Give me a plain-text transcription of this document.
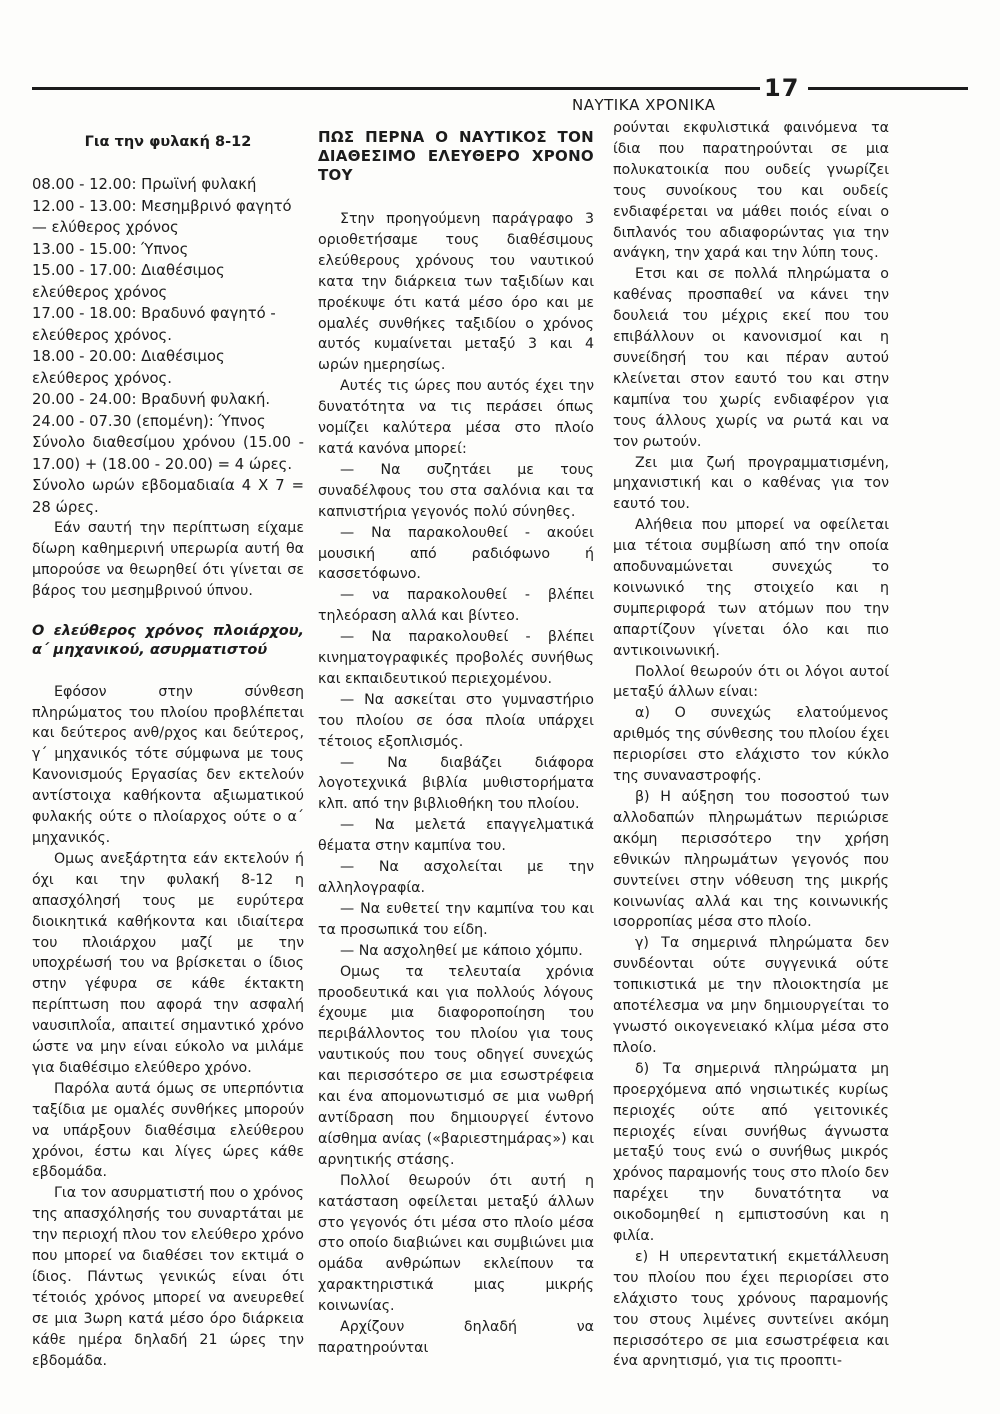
17
ΝΑΥΤΙΚΑ ΧΡΟΝΙΚΑ
Για την φυλακή 8-12

08.00 - 12.00: Πρωϊνή φυλακή

12.00 - 13.00: Μεσημβρινό φαγητό — ελύθερος χρόνος

13.00 - 15.00: Ύπνος

15.00 - 17.00: Διαθέσιμος ελεύθερος χρόνος

17.00 - 18.00: Βραδυνό φαγητό - ελεύθερος χρόνος.

18.00 - 20.00: Διαθέσιμος ελεύθερος χρόνος.

20.00 - 24.00: Βραδυνή φυλακή.

24.00 - 07.30 (επομένη): Ύπνος

Σύνολο διαθεσίμου χρόνου (15.00 - 17.00) + (18.00 - 20.00) = 4 ώρες.

Σύνολο ωρών εβδομαδιαία 4 X 7 = 28 ώρες.

Εάν σαυτή την περίπτωση είχαμε δίωρη καθημερινή υπερωρία αυτή θα μπορούσε να θεωρηθεί ότι γίνεται σε βάρος του μεσημβρινού ύπνου.

Ο ελεύθερος χρόνος πλοιάρχου, α΄ μηχανικού, ασυρματιστού

Εφόσον στην σύνθεση πληρώματος του πλοίου προβλέπεται και δεύτερος ανθ/ρχος και δεύτερος, γ΄ μηχανικός τότε σύμφωνα με τους Κανονισμούς Εργασίας δεν εκτελούν αντίστοιχα καθήκοντα αξιωματικού φυλακής ούτε ο πλοίαρχος ούτε ο α΄ μηχανικός.

Ομως ανεξάρτητα εάν εκτελούν ή όχι και την φυλακή 8-12 η απασχόλησή τους με ευρύτερα διοικητικά καθήκοντα και ιδιαίτερα του πλοιάρχου μαζί με την υποχρέωσή του να βρίσκεται ο ίδιος στην γέφυρα σε κάθε έκτακτη περίπτωση που αφορά την ασφαλή ναυσιπλοΐα, απαιτεί σημαντικό χρόνο ώστε να μην είναι εύκολο να μιλάμε για διαθέσιμο ελεύθερο χρόνο.

Παρόλα αυτά όμως σε υπερπόντια ταξίδια με ομαλές συνθήκες μπορούν να υπάρξουν διαθέσιμα ελεύθερου χρόνοι, έστω και λίγες ώρες κάθε εβδομάδα.

Για τον ασυρματιστή που ο χρόνος της απασχόλησής του συναρτάται με την περιοχή πλου τον ελεύθερο χρόνο που μπορεί να διαθέσει τον εκτιμά ο ίδιος. Πάντως γενικώς είναι ότι τέτοιός χρόνος μπορεί να ανευρεθεί σε μια 3ωρη κατά μέσο όρο διάρκεια κάθε ημέρα δηλαδή 21 ώρες την εβδομάδα.

ΠΩΣ ΠΕΡΝΑ Ο ΝΑΥΤΙΚΟΣ ΤΟΝ ΔΙΑΘΕΣΙΜΟ ΕΛΕΥΘΕΡΟ ΧΡΟΝΟ ΤΟΥ

Στην προηγούμενη παράγραφο 3 οριοθετήσαμε τους διαθέσιμους ελεύθερους χρόνους του ναυτικού κατα την διάρκεια των ταξιδίων και προέκυψε ότι κατά μέσο όρο και με ομαλές συνθήκες ταξιδίου ο χρόνος αυτός κυμαίνεται μεταξύ 3 και 4 ωρών ημερησίως.

Αυτές τις ώρες που αυτός έχει την δυνατότητα να τις περάσει όπως νομίζει καλύτερα μέσα στο πλοίο κατά κανόνα μπορεί:

— Να συζητάει με τους συναδέλφους του στα σαλόνια και τα καπνιστήρια γεγονός πολύ σύνηθες.

— Να παρακολουθεί - ακούει μουσική από ραδιόφωνο ή κασσετόφωνο.

— να παρακολουθεί - βλέπει τηλεόραση αλλά και βίντεο.

— Να παρακολουθεί - βλέπει κινηματογραφικές προβολές συνήθως και εκπαιδευτικού περιεχομένου.

— Να ασκείται στο γυμναστήριο του πλοίου σε όσα πλοία υπάρχει τέτοιος εξοπλισμός.

— Να διαβάζει διάφορα λογοτεχνικά βιβλία μυθιστορήματα κλπ. από την βιβλιοθήκη του πλοίου.

— Να μελετά επαγγελματικά θέματα στην καμπίνα του.

— Να ασχολείται με την αλληλογραφία.

— Να ευθετεί την καμπίνα του και τα προσωπικά του είδη.

— Να ασχοληθεί με κάποιο χόμπυ.

Ομως τα τελευταία χρόνια προοδευτικά και για πολλούς λόγους έχουμε μια διαφοροποίηση του περιβάλλοντος του πλοίου για τους ναυτικούς που τους οδηγεί συνεχώς και περισσότερο σε μια εσωστρέφεια και ένα απομονωτισμό σε μια νωθρή αντίδραση που δημιουργεί έντονο αίσθημα ανίας («βαριεστημάρας») και αρνητικής στάσης.

Πολλοί θεωρούν ότι αυτή η κατάσταση οφείλεται μεταξύ άλλων στο γεγονός ότι μέσα στο πλοίο μέσα στο οποίο διαβιώνει και συμβιώνει μια ομάδα ανθρώπων εκλείπουν τα χαρακτηριστικά μιας μικρής κοινωνίας.

Αρχίζουν δηλαδή να παρατηρούνται

ρούνται εκφυλιστικά φαινόμενα τα ίδια που παρατηρούνται σε μια πολυκατοικία που ουδείς γνωρίζει τους συνοίκους του και ουδείς ενδιαφέρεται να μάθει ποιός είναι ο διπλανός του αδιαφορώντας για την ανάγκη, την χαρά και την λύπη τους.

Ετσι και σε πολλά πληρώματα ο καθένας προσπαθεί να κάνει την δουλειά του μέχρις εκεί που του επιβάλλουν οι κανονισμοί και η συνείδησή του και πέραν αυτού κλείνεται στον εαυτό του και στην καμπίνα του χωρίς ενδιαφέρον για τους άλλους χωρίς να ρωτά και να τον ρωτούν.

Ζει μια ζωή προγραμματισμένη, μηχανιστική και ο καθένας για τον εαυτό του.

Αλήθεια που μπορεί να οφείλεται μια τέτοια συμβίωση από την οποία αποδυναμώνεται συνεχώς το κοινωνικό της στοιχείο και η συμπεριφορά των ατόμων που την απαρτίζουν γίνεται όλο και πιο αντικοινωνική.

Πολλοί θεωρούν ότι οι λόγοι αυτοί μεταξύ άλλων είναι:

α) Ο συνεχώς ελατούμενος αριθμός της σύνθεσης του πλοίου έχει περιορίσει στο ελάχιστο τον κύκλο της συναναστροφής.

β) Η αύξηση του ποσοστού των αλλοδαπών πληρωμάτων περιώρισε ακόμη περισσότερο την χρήση εθνικών πληρωμάτων γεγονός που συντείνει στην νόθευση της μικρής κοινωνίας αλλά και της κοινωνικής ισορροπίας μέσα στο πλοίο.

γ) Τα σημερινά πληρώματα δεν συνδέονται ούτε συγγενικά ούτε τοπικιστικά με την πλοιοκτησία με αποτέλεσμα να μην δημιουργείται το γνωστό οικογενειακό κλίμα μέσα στο πλοίο.

δ) Τα σημερινά πληρώματα μη προερχόμενα από νησιωτικές κυρίως περιοχές ούτε από γειτονικές περιοχές είναι συνήθως άγνωστα μεταξύ τους ενώ ο συνήθως μικρός χρόνος παραμονής τους στο πλοίο δεν παρέχει την δυνατότητα να οικοδομηθεί η εμπιστοσύνη και η φιλία.

ε) Η υπερεντατική εκμετάλλευση του πλοίου που έχει περιορίσει στο ελάχιστο τους χρόνους παραμονής του στους λιμένες συντείνει ακόμη περισσότερο σε μια εσωστρέφεια και ένα αρνητισμό, για τις προοπτι-
